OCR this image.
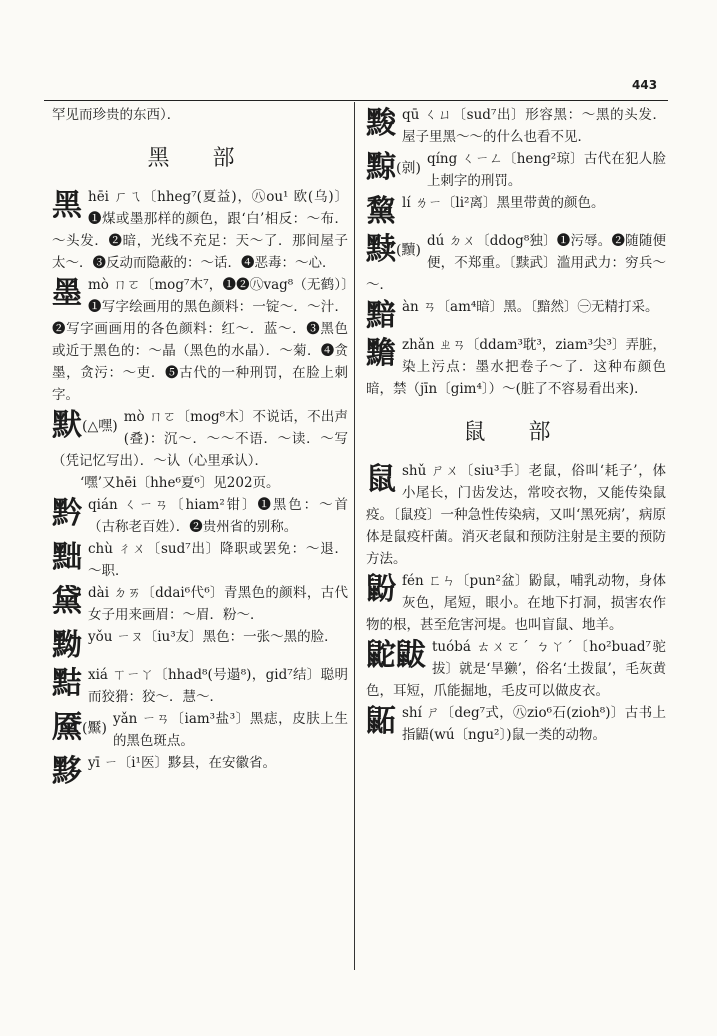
443

罕见而珍贵的东西）．

黑 部
黑 hēi ㄏㄟ〔hheg⁷(夏益)，㊇ou¹ 欧(乌)〕❶煤或墨那样的颜色，跟‘白’相反：～布．～头发．❷暗，光线不充足：天～了．那间屋子太～．❸反动而隐蔽的：～话．❹恶毒：～心．

墨 mò ㄇㄛ〔mog⁷木⁷，❶❷㊇vag⁸（无鹤）〕❶写字绘画用的黑色颜料：一锭～．～汁．❷写字画画用的各色颜料：红～．蓝～．❸黑色或近于黑色的：～晶（黑色的水晶）．～菊．❹贪墨，贪污：～吏．❺古代的一种刑罚，在脸上刺字。

默(△嘿)

mò ㄇㄛ〔mog⁸木〕不说话，不出声(叠)：沉～．～～不语．～读．～写（凭记忆写出）．～认（心里承认）．

‘嘿’又hēi〔hhe⁶夏⁶〕见202页。

黔 qián ㄑㄧㄢ〔hiam²钳〕❶黑色：～首（古称老百姓）．❷贵州省的别称。

黜 chù ㄔㄨ〔sud⁷出〕降职或罢免：～退．～职．

黛 dài ㄉㄞ〔ddai⁶代⁶〕青黑色的颜料，古代女子用来画眉：～眉．粉～．

黝 yǒu ㄧㄡ〔iu³友〕黑色：一张～黑的脸．

黠 xiá ㄒㄧㄚ〔hhad⁸(号遢⁸)，gid⁷结〕聪明而狡猾：狡～．慧～．

黡(黶)

yǎn ㄧㄢ〔iam³盐³〕黑痣，皮肤上生的黑色斑点。

黟 yī ㄧ〔i¹医〕黟县，在安徽省。

黢 qū ㄑㄩ〔sud⁷出〕形容黑：～黑的头发．屋子里黑～～的什么也看不见．

黥(剠)

qíng ㄑㄧㄥ〔heng²琼〕古代在犯人脸上刺字的刑罚。

黧 lí ㄌㄧ〔li²离〕黑里带黄的颜色。

黩(黷)

dú ㄉㄨ〔ddog⁸独〕❶污辱。❷随随便便，不郑重。〔黩武〕滥用武力：穷兵～～．

黯 àn ㄢ〔am⁴暗〕黑。〔黯然〕㊀无精打采。

黵 zhǎn ㄓㄢ〔ddam³耽³，ziam³尖³〕弄脏，染上污点：墨水把卷子～了．这种布颜色暗，禁（jīn〔gim⁴〕）～(脏了不容易看出来)．

鼠 部
鼠 shǔ ㄕㄨ〔siu³手〕老鼠，俗叫‘耗子’，体小尾长，门齿发达，常咬衣物，又能传染鼠疫。〔鼠疫〕一种急性传染病，又叫‘黑死病’，病原体是鼠疫杆菌。消灭老鼠和预防注射是主要的预防方法。

鼢 fén ㄈㄣ〔pun²盆〕鼢鼠，哺乳动物，身体灰色，尾短，眼小。在地下打洞，损害农作物的根，甚至危害河堤。也叫盲鼠、地羊。

鼧鼥 tuóbá ㄊㄨㄛˊ ㄅㄚˊ〔ho²buad⁷驼拔〕就是‘旱獭’，俗名‘土拨鼠’，毛灰黄色，耳短，爪能掘地，毛皮可以做皮衣。

鼫 shí ㄕ〔deg⁷式，㊇zio⁶石(zioh⁸)〕古书上指鼯(wú〔ngu²〕)鼠一类的动物。
